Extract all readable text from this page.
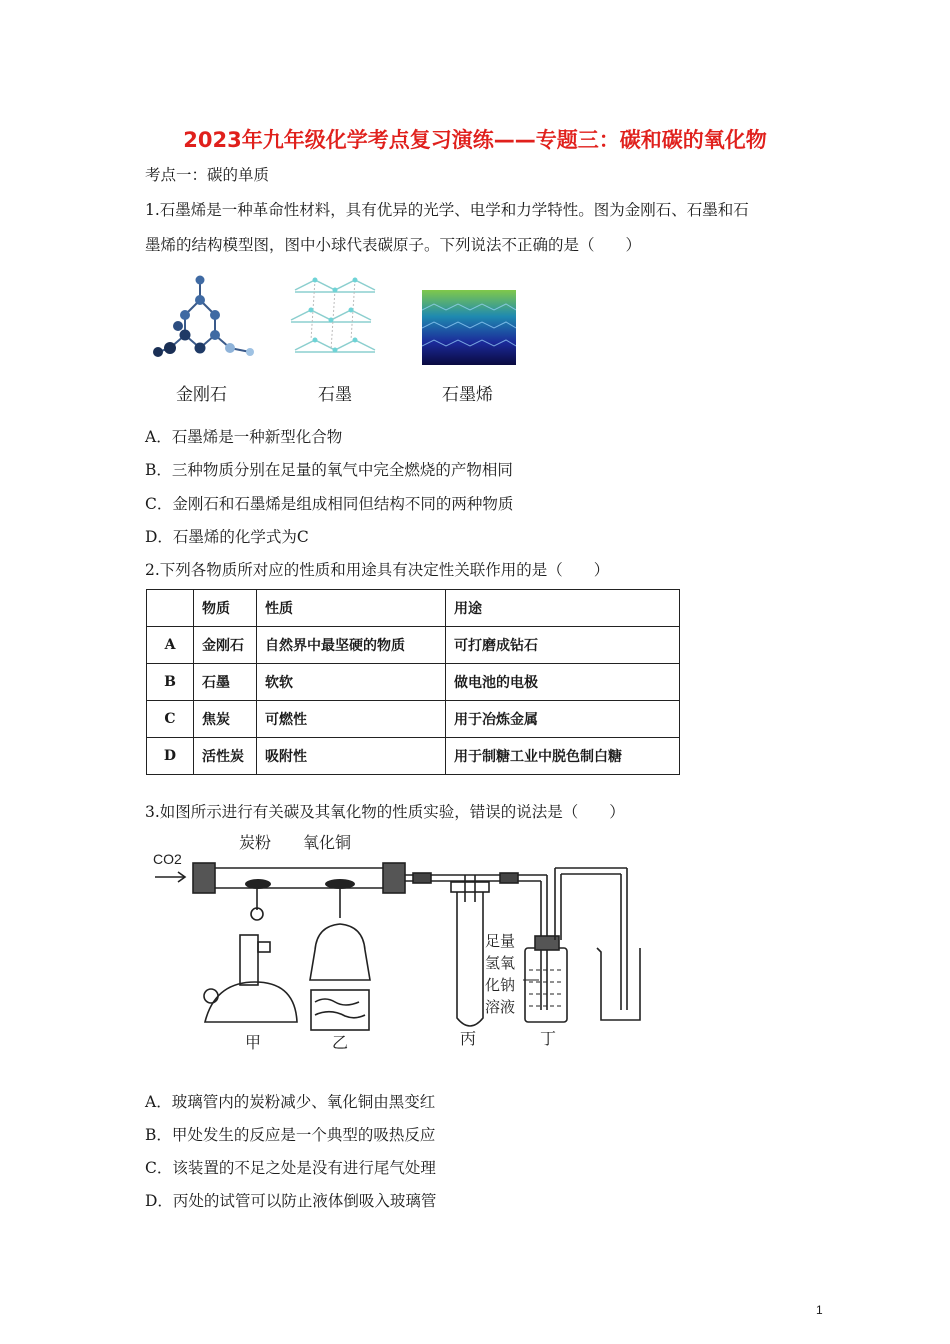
2023年九年级化学考点复习演练——专题三：碳和碳的氧化物
考点一：碳的单质
1.石墨烯是一种革命性材料，具有优异的光学、电学和力学特性。图为金刚石、石墨和石
墨烯的结构模型图，图中小球代表碳原子。下列说法不正确的是（　　）
金刚石	石墨	石墨烯
A．石墨烯是一种新型化合物
B．三种物质分别在足量的氧气中完全燃烧的产物相同
C．金刚石和石墨烯是组成相同但结构不同的两种物质
D．石墨烯的化学式为C
2.下列各物质所对应的性质和用途具有决定性关联作用的是（　　）
	物质	性质	用途
A	金刚石	自然界中最坚硬的物质	可打磨成钻石
B	石墨	软软	做电池的电极
C	焦炭	可燃性	用于冶炼金属
D	活性炭	吸附性	用于制糖工业中脱色制白糖
3.如图所示进行有关碳及其氧化物的性质实验，错误的说法是（　　）
CO2
炭粉 氧化铜
足量
氢氧
化钠
溶液
甲	乙	丙	丁
A．玻璃管内的炭粉减少、氧化铜由黑变红
B．甲处发生的反应是一个典型的吸热反应
C．该装置的不足之处是没有进行尾气处理
D．丙处的试管可以防止液体倒吸入玻璃管
1
